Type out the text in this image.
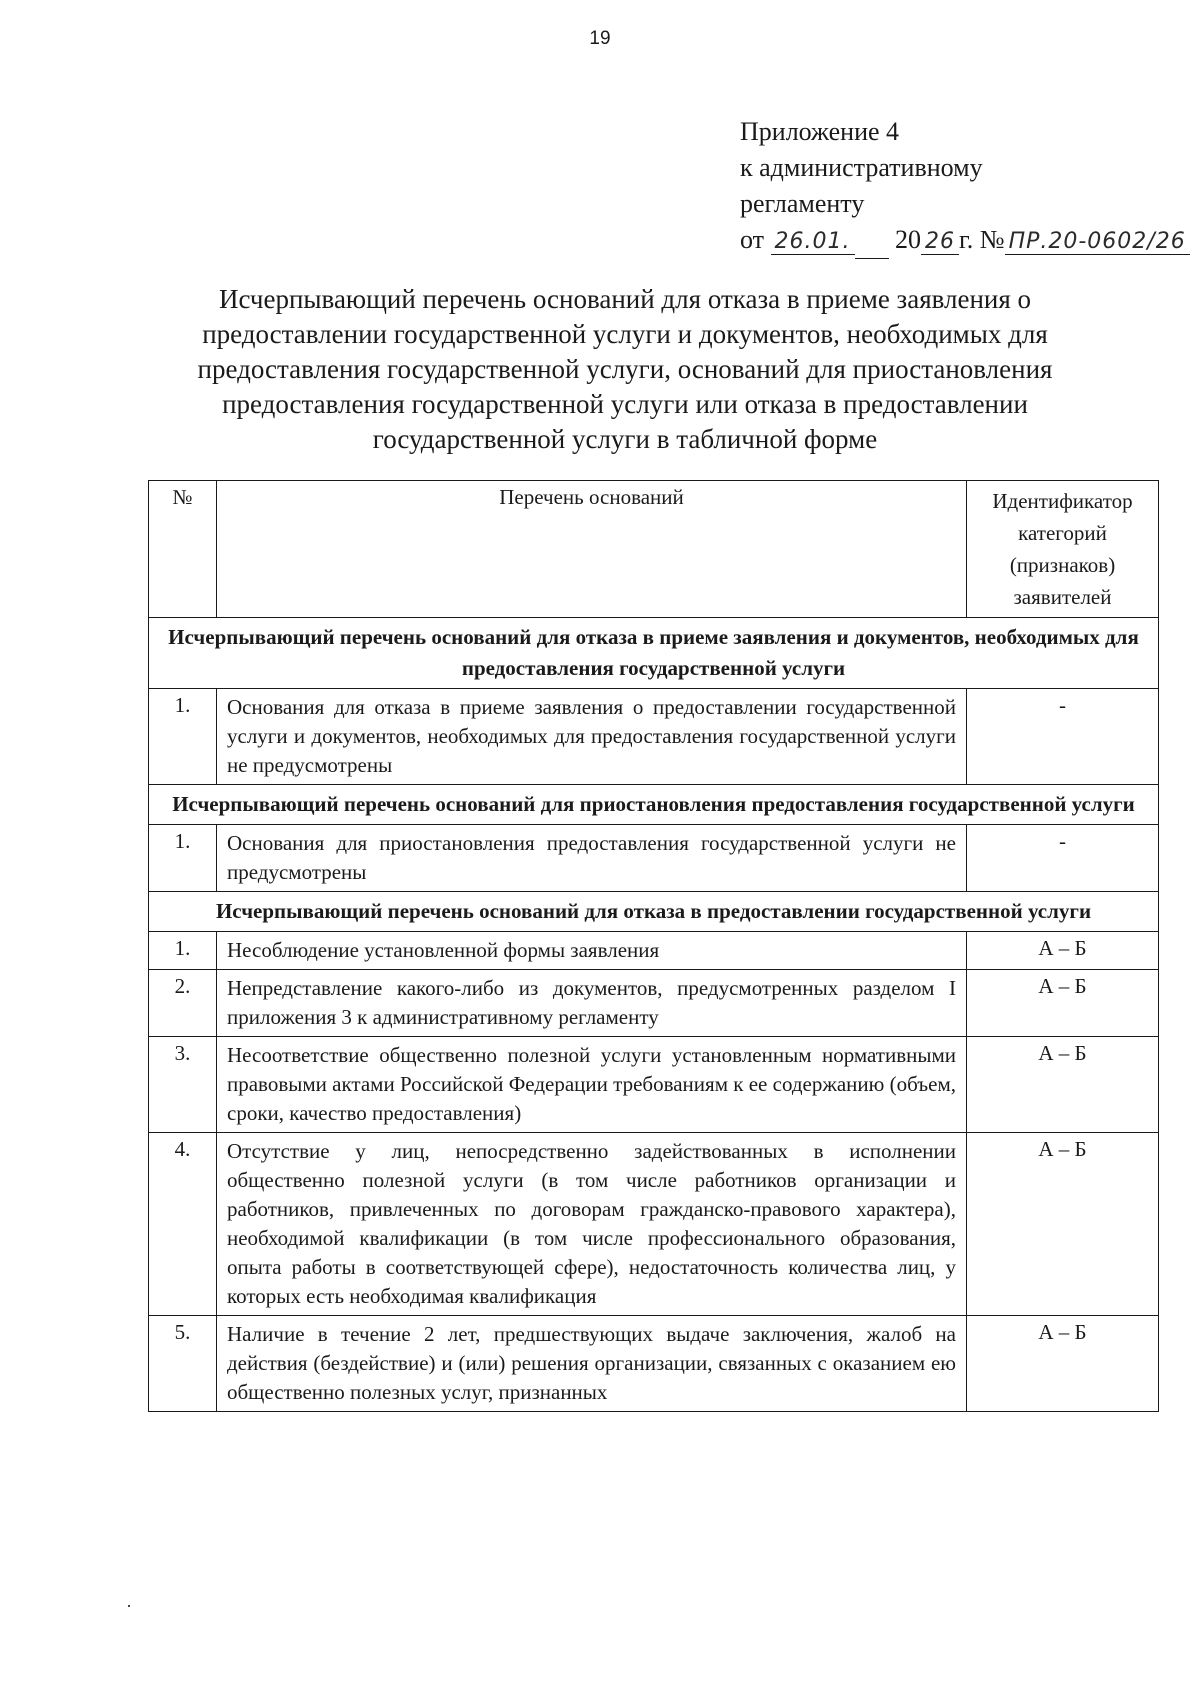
19
Приложение 4
к административному
регламенту
от 26.01. 20 26 г. № ПР.20-0602/26
Исчерпывающий перечень оснований для отказа в приеме заявления о
предоставлении государственной услуги и документов, необходимых для
предоставления государственной услуги, оснований для приостановления
предоставления государственной услуги или отказа в предоставлении
государственной услуги в табличной форме
№	Перечень оснований	Идентификатор
категорий
(признаков)
заявителей

Исчерпывающий перечень оснований для отказа в приеме заявления и документов, необходимых для предоставления государственной услуги		
1.	Основания для отказа в приеме заявления о предоставлении государственной услуги и документов, необходимых для предоставления государственной услуги не предусмотрены	-
Исчерпывающий перечень оснований для приостановления предоставления государственной услуги		
1.	Основания для приостановления предоставления государственной услуги не предусмотрены	-
Исчерпывающий перечень оснований для отказа в предоставлении государственной услуги		
1.	Несоблюдение установленной формы заявления	А – Б
2.	Непредставление какого-либо из документов, предусмотренных разделом I приложения 3 к административному регламенту	А – Б
3.	Несоответствие общественно полезной услуги установленным нормативными правовыми актами Российской Федерации требованиям к ее содержанию (объем, сроки, качество предоставления)	А – Б
4.	Отсутствие у лиц, непосредственно задействованных в исполнении общественно полезной услуги (в том числе работников организации и работников, привлеченных по договорам гражданско-правового характера), необходимой квалификации (в том числе профессионального образования, опыта работы в соответствующей сфере), недостаточность количества лиц, у которых есть необходимая квалификация	А – Б
5.	Наличие в течение 2 лет, предшествующих выдаче заключения, жалоб на действия (бездействие) и (или) решения организации, связанных с оказанием ею общественно полезных услуг, признанных	А – Б
